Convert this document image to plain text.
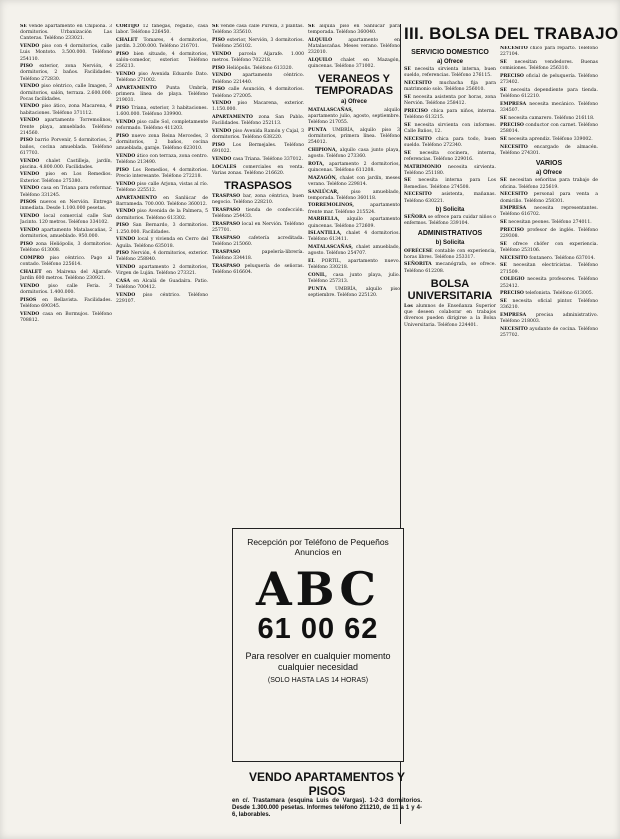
SE vende apartamento en Chipiona. 3 dormitorios. Urbanización Las Canteras. Teléfono 233021.

VENDO piso con 4 dormitorios, calle Luis Montoto. 3.500.000. Teléfono 254110.

PISO exterior, zona Nervión, 4 dormitorios, 2 baños. Facilidades. Teléfono 272830.

VENDO piso céntrico, calle Imagen, 3 dormitorios, salón, terraza. 2.600.000. Pocas facilidades.

VENDO piso ático, zona Macarena, 4 habitaciones. Teléfono 371112.

VENDO apartamento Torremolinos, frente playa, amueblado. Teléfono 214560.

PISO barrio Porvenir, 5 dormitorios, 2 baños, cocina amueblada. Teléfono 617703.

VENDO chalet Castilleja, jardín, piscina. 4.800.000. Facilidades.

VENDO piso en Los Remedios. Exterior. Teléfono 275380.

VENDO casa en Triana para reformar. Teléfono 331245.

PISOS nuevos en Nervión. Entrega inmediata. Desde 1.100.000 pesetas.

VENDO local comercial calle San Jacinto. 120 metros. Teléfono 334102.

VENDO apartamento Matalascañas, 2 dormitorios, amueblado. 950.000.

PISO zona Heliópolis, 3 dormitorios. Teléfono 613008.

COMPRO piso céntrico. Pago al contado. Teléfono 225614.

CHALET en Mairena del Aljarafe. Jardín 600 metros. Teléfono 230921.

VENDO piso calle Feria. 3 dormitorios. 1.400.000.

PISOS en Bellavista. Facilidades. Teléfono 690345.

VENDO casa en Bormujos. Teléfono 708812.

CORTIJO 12 fanegas, regadío, casa labor. Teléfono 226450.

CHALET Tomares, 4 dormitorios, jardín. 3.200.000. Teléfono 216701.

PISO bien situado, 4 dormitorios, salón-comedor, exterior. Teléfono 256213.

VENDO piso Avenida Eduardo Dato. Teléfono 271002.

APARTAMENTO Punta Umbría, primera línea de playa. Teléfono 219031.

PISO Triana, exterior, 3 habitaciones. 1.600.000. Teléfono 339900.

VENDO piso calle Sol, completamente reformado. Teléfono 411203.

PISO nuevo zona Reina Mercedes, 3 dormitorios, 2 baños, cocina amueblada, garaje. Teléfono 623010.

VENDO ático con terraza, zona centro. Teléfono 213490.

PISO Los Remedios, 4 dormitorios. Precio interesante. Teléfono 272218.

VENDO piso calle Arjona, vistas al río. Teléfono 225512.

APARTAMENTO en Sanlúcar de Barrameda. 700.000. Teléfono 360012.

VENDO piso Avenida de la Palmera, 5 dormitorios. Teléfono 613302.

PISO San Bernardo, 3 dormitorios. 1.250.000. Facilidades.

VENDO local y vivienda en Cerro del Águila. Teléfono 635018.

PISO Nervión, 4 dormitorios, exterior. Teléfono 258840.

VENDO apartamento 2 dormitorios, Virgen de Luján. Teléfono 273321.

CASA en Alcalá de Guadaíra. Patio. Teléfono 700412.

VENDO piso céntrico. Teléfono 229107.

SE vende casa calle Pureza, 3 plantas. Teléfono 335610.

PISO exterior, Nervión, 3 dormitorios. Teléfono 256102.

VENDO parcela Aljarafe. 1.000 metros. Teléfono 702218.

PISO Heliópolis. Teléfono 613320.

VENDO apartamento céntrico. Teléfono 221440.

PISO calle Asunción, 4 dormitorios. Teléfono 272005.

VENDO piso Macarena, exterior. 1.150.000.

APARTAMENTO zona San Pablo. Facilidades. Teléfono 252113.

VENDO piso Avenida Ramón y Cajal, 3 dormitorios. Teléfono 638220.

PISO Los Bermejales. Teléfono 691022.

VENDO casa Triana. Teléfono 337012.

LOCALES comerciales en venta. Varias zonas. Teléfono 216620.

TRASPASOS

TRASPASO bar, zona céntrica, buen negocio. Teléfono 228210.

TRASPASO tienda de confección. Teléfono 254433.

TRASPASO local en Nervión. Teléfono 257701.

TRASPASO cafetería acreditada. Teléfono 215060.

TRASPASO papelería-librería. Teléfono 334418.

TRASPASO peluquería de señoras. Teléfono 616604.

SE alquila piso en Sanlúcar para temporada. Teléfono 360040.

ALQUILO apartamento en Matalascañas. Meses verano. Teléfono 232010.

ALQUILO chalet en Mazagón, quincenas. Teléfono 371002.

VERANEOS Y TEMPORADAS
a) Ofrece

MATALASCAÑAS, alquilo apartamento julio, agosto, septiembre. Teléfono 217055.

PUNTA UMBRÍA, alquilo piso 3 dormitorios, primera línea. Teléfono 254012.

CHIPIONA, alquilo casa junto playa, agosto. Teléfono 273360.

ROTA, apartamento 2 dormitorios, quincenas. Teléfono 611208.

MAZAGÓN, chalet con jardín, meses verano. Teléfono 229814.

SANLÚCAR, piso amueblado, temporada. Teléfono 360118.

TORREMOLINOS, apartamento frente mar. Teléfono 215524.

MARBELLA, alquilo apartamento quincenas. Teléfono 272609.

ISLANTILLA, chalet 4 dormitorios. Teléfono 613411.

MATALASCAÑAS, chalet amueblado, agosto. Teléfono 254707.

EL PORTIL, apartamento nuevo. Teléfono 330218.

CONIL, casa junto playa, julio. Teléfono 257313.

PUNTA UMBRÍA, alquilo piso septiembre. Teléfono 225120.

III. BOLSA DEL TRABAJO
SERVICIO DOMESTICO
a) Ofrece

SE necesita sirvienta interna, buen sueldo, referencias. Teléfono 276115.

NECESITO muchacha fija para matrimonio solo. Teléfono 256010.

SE necesita asistenta por horas, zona Nervión. Teléfono 258412.

PRECISO chica para niños, interna. Teléfono 613215.

SE necesita sirvienta con informes. Calle Baños, 12.

NECESITO chica para todo, buen sueldo. Teléfono 272340.

SE necesita cocinera, interna, referencias. Teléfono 229016.

MATRIMONIO necesita sirvienta. Teléfono 251180.

SE necesita interna para Los Remedios. Teléfono 274508.

NECESITO asistenta, mañanas. Teléfono 630221.

b) Solicita

SEÑORA se ofrece para cuidar niños o enfermos. Teléfono 339104.

ADMINISTRATIVOS
b) Solicita

OFRÉCESE contable con experiencia, horas libres. Teléfono 253317.

SEÑORITA mecanógrafa, se ofrece. Teléfono 612208.

BOLSA UNIVERSITARIA

Los alumnos de Enseñanza Superior que deseen colaborar en trabajos diversos pueden dirigirse a la Bolsa Universitaria. Teléfono 224401.

NECESITO chico para reparto. Teléfono 227104.

SE necesitan vendedores. Buenas comisiones. Teléfono 256310.

PRECISO oficial de peluquería. Teléfono 273402.

SE necesita dependiente para tienda. Teléfono 612210.

EMPRESA necesita mecánico. Teléfono 334507.

SE necesita camarero. Teléfono 216118.

PRECISO conductor con carnet. Teléfono 258014.

SE necesita aprendiz. Teléfono 339002.

NECESITO encargado de almacén. Teléfono 274301.

VARIOS
a) Ofrece

SE necesitan señoritas para trabajo de oficina. Teléfono 225619.

NECESITO personal para venta a domicilio. Teléfono 258301.

EMPRESA necesita representantes. Teléfono 616702.

SE necesitan peones. Teléfono 274011.

PRECISO profesor de inglés. Teléfono 229308.

SE ofrece chófer con experiencia. Teléfono 253106.

NECESITO fontanero. Teléfono 637014.

SE necesitan electricistas. Teléfono 271509.

COLEGIO necesita profesores. Teléfono 252412.

PRECISO telefonista. Teléfono 613005.

SE necesita oficial pintor. Teléfono 336210.

EMPRESA precisa administrativo. Teléfono 218003.

NECESITO ayudante de cocina. Teléfono 257702.

Recepción por Teléfono de Pequeños Anuncios en
ABC
61 00 62
Para resolver en cualquier momento cualquier necesidad
(SOLO HASTA LAS 14 HORAS)
VENDO APARTAMENTOS Y PISOS
en c/. Trastamara (esquina Luis de Vargas). 1-2-3 dormitorios. Desde 1.300.000 pesetas. Informes teléfono 211210, de 11 a 1 y 4-6, laborables.
